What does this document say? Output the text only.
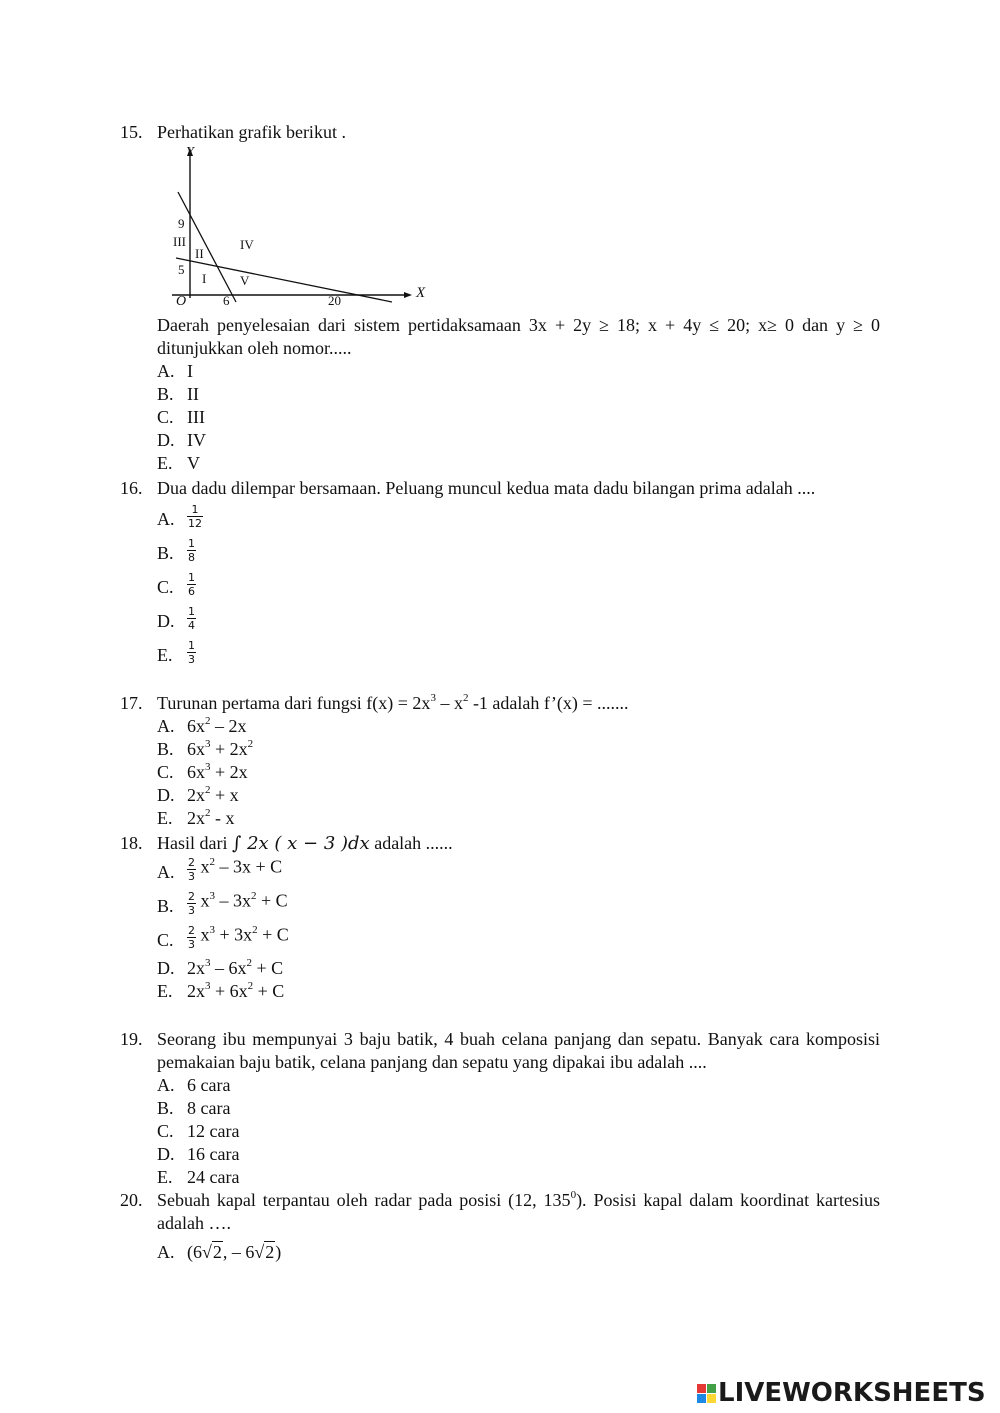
15. Perhatikan grafik berikut .
Y
X
O
9
5
6	20
I
II
III	IV
V
Daerah penyelesaian dari sistem pertidaksamaan 3x + 2y ≥ 18; x + 4y ≤ 20; x≥ 0 dan y ≥ 0 ditunjukkan oleh nomor.....
A. I
B. II
C. III
D. IV
E. V
16. Dua dadu dilempar bersamaan. Peluang muncul kedua mata dadu bilangan prima adalah ....
A. $\frac{1}{12}$
B. $\frac{1}{8}$
C. $\frac{1}{6}$
D. $\frac{1}{4}$
E. $\frac{1}{3}$
17. Turunan pertama dari fungsi $f(x) = 2x^3 - x^2$ -1 adalah f’(x) = .......
A. $6x^2 - 2x$
B. $6x^3 + 2x^2$
C. $6x^3 + 2x$
D. $2x^2 + x$
E. $2x^2$ - x
18. Hasil dari ∫ 2x ( x − 3 )dx adalah ......
A. $\frac{2}{3} x^2 - 3x + C$
B. $\frac{2}{3} x^3 - 3x^2 + C$
C. $\frac{2}{3} x^3 + 3x^2 + C$
D. $2x^3 - 6x^2 + C$
E. $2x^3 + 6x^2 + C$
19. Seorang ibu mempunyai 3 baju batik, 4 buah celana panjang dan sepatu. Banyak cara komposisi pemakaian baju batik, celana panjang dan sepatu yang dipakai ibu adalah ....
A. 6 cara
B. 8 cara
C. 12 cara
D. 16 cara
E. 24 cara
20. Sebuah kapal terpantau oleh radar pada posisi (12, $135^0$). Posisi kapal dalam koordinat kartesius adalah ….
A. (6√2, – 6√2)
LIVEWORKSHEETS
